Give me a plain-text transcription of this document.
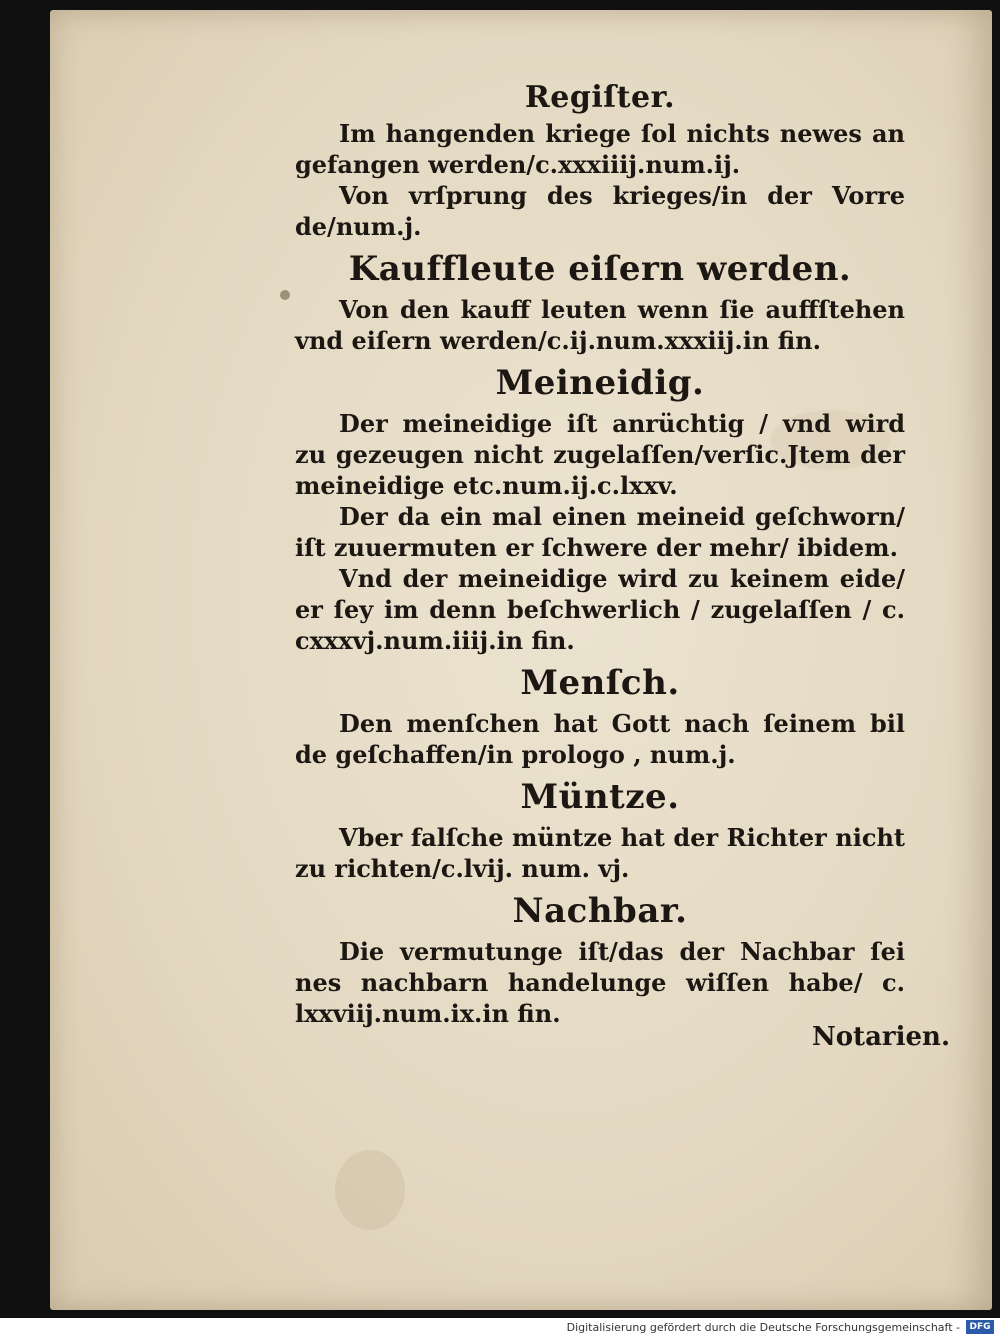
Regiſter.

Im hangenden kriege ſol nichts newes an gefangen werden/c.xxxiiij.num.ij.

Von vrſprung des krieges/in der Vorre de/num.j.

Kauffleute eiſern werden.

Von den kauff leuten wenn ſie auffſtehen vnd eiſern werden/c.ij.num.xxxiij.in fin.

Meineidig.

Der meineidige iſt anrüchtig / vnd wird zu gezeugen nicht zugelaſſen/verſic.Jtem der meineidige etc.num.ij.c.lxxv.

Der da ein mal einen meineid geſchworn/ iſt zuuermuten er ſchwere der mehr/ ibidem.

Vnd der meineidige wird zu keinem eide/ er ſey im denn beſchwerlich / zugelaſſen / c. cxxxvj.num.iiij.in fin.

Menſch.

Den menſchen hat Gott nach ſeinem bil de geſchaffen/in prologo , num.j.

Müntze.

Vber falſche müntze hat der Richter nicht zu richten/c.lvij. num. vj.

Nachbar.

Die vermutunge iſt/das der Nachbar ſei nes nachbarn handelunge wiſſen habe/ c. lxxviij.num.ix.in fin.

Notarien.
Digitalisierung gefördert durch die Deutsche Forschungsgemeinschaft -	DFG
